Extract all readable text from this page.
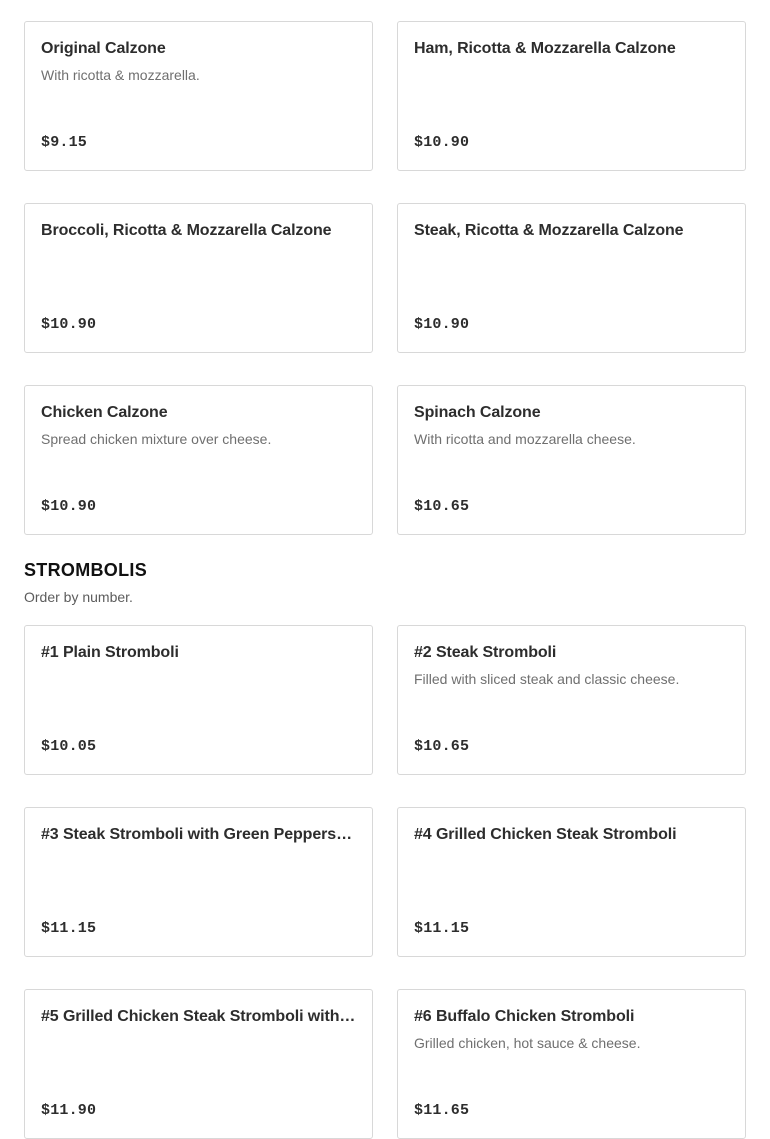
Original Calzone
With ricotta & mozzarella.
$9.15
Ham, Ricotta & Mozzarella Calzone
$10.90
Broccoli, Ricotta & Mozzarella Calzone
$10.90
Steak, Ricotta & Mozzarella Calzone
$10.90
Chicken Calzone
Spread chicken mixture over cheese.
$10.90
Spinach Calzone
With ricotta and mozzarella cheese.
$10.65
STROMBOLIS

Order by number.

#1 Plain Stromboli
$10.05
#2 Steak Stromboli
Filled with sliced steak and classic cheese.
$10.65
#3 Steak Stromboli with Green Peppers …
$11.15
#4 Grilled Chicken Steak Stromboli
$11.15
#5 Grilled Chicken Steak Stromboli with…
$11.90
#6 Buffalo Chicken Stromboli
Grilled chicken, hot sauce & cheese.
$11.65
